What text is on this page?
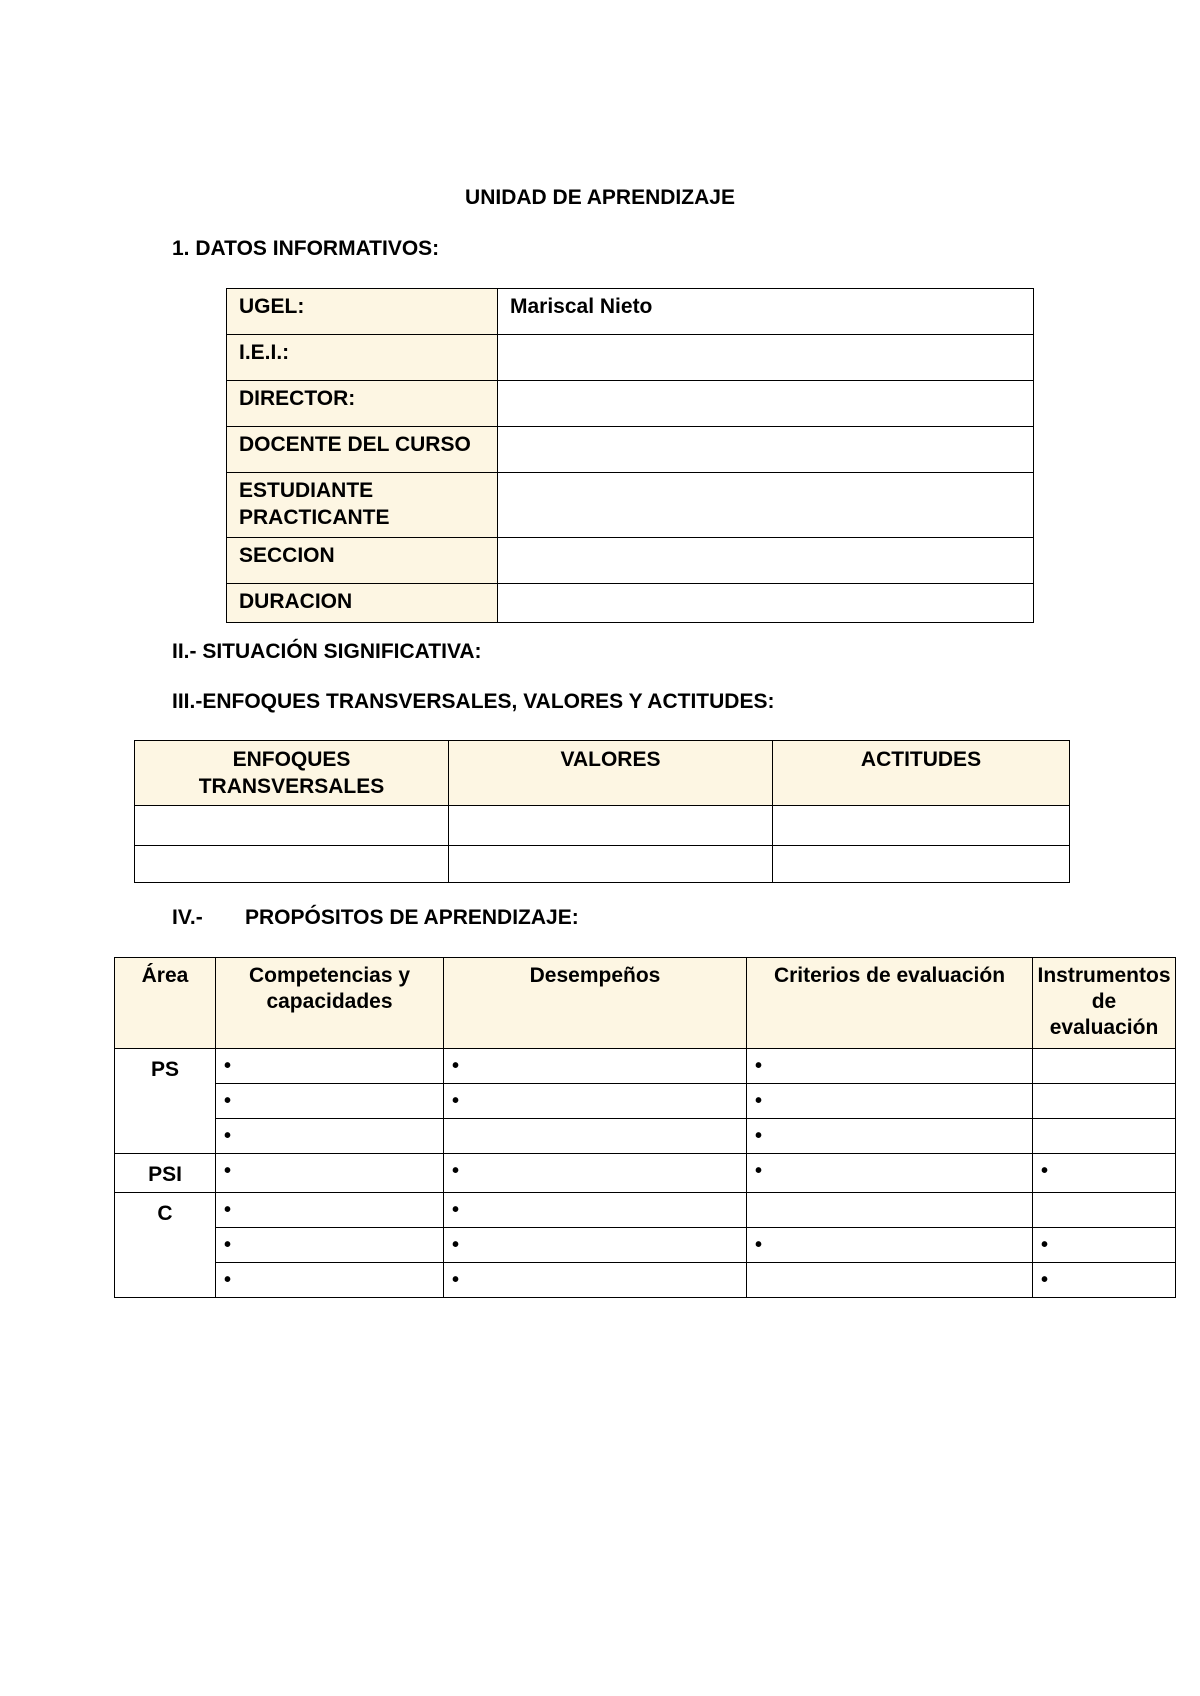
UNIDAD DE APRENDIZAJE
1. DATOS INFORMATIVOS:
UGEL:	Mariscal Nieto
I.E.I.:	
DIRECTOR:	
DOCENTE DEL CURSO	
ESTUDIANTE PRACTICANTE	
SECCION	
DURACION	
II.- SITUACIÓN SIGNIFICATIVA:
III.-ENFOQUES TRANSVERSALES, VALORES Y ACTITUDES:
ENFOQUES TRANSVERSALES	VALORES	ACTITUDES

IV.- PROPÓSITOS DE APRENDIZAJE:
Área	Competencias y capacidades	Desempeños	Criterios de evaluación	Instrumentos de evaluación
PS	•	•	•	
	•	•	•	
	•		•	
PSI	•	•	•	•
C	•	•		
	•	•	•	•
	•	•		•
